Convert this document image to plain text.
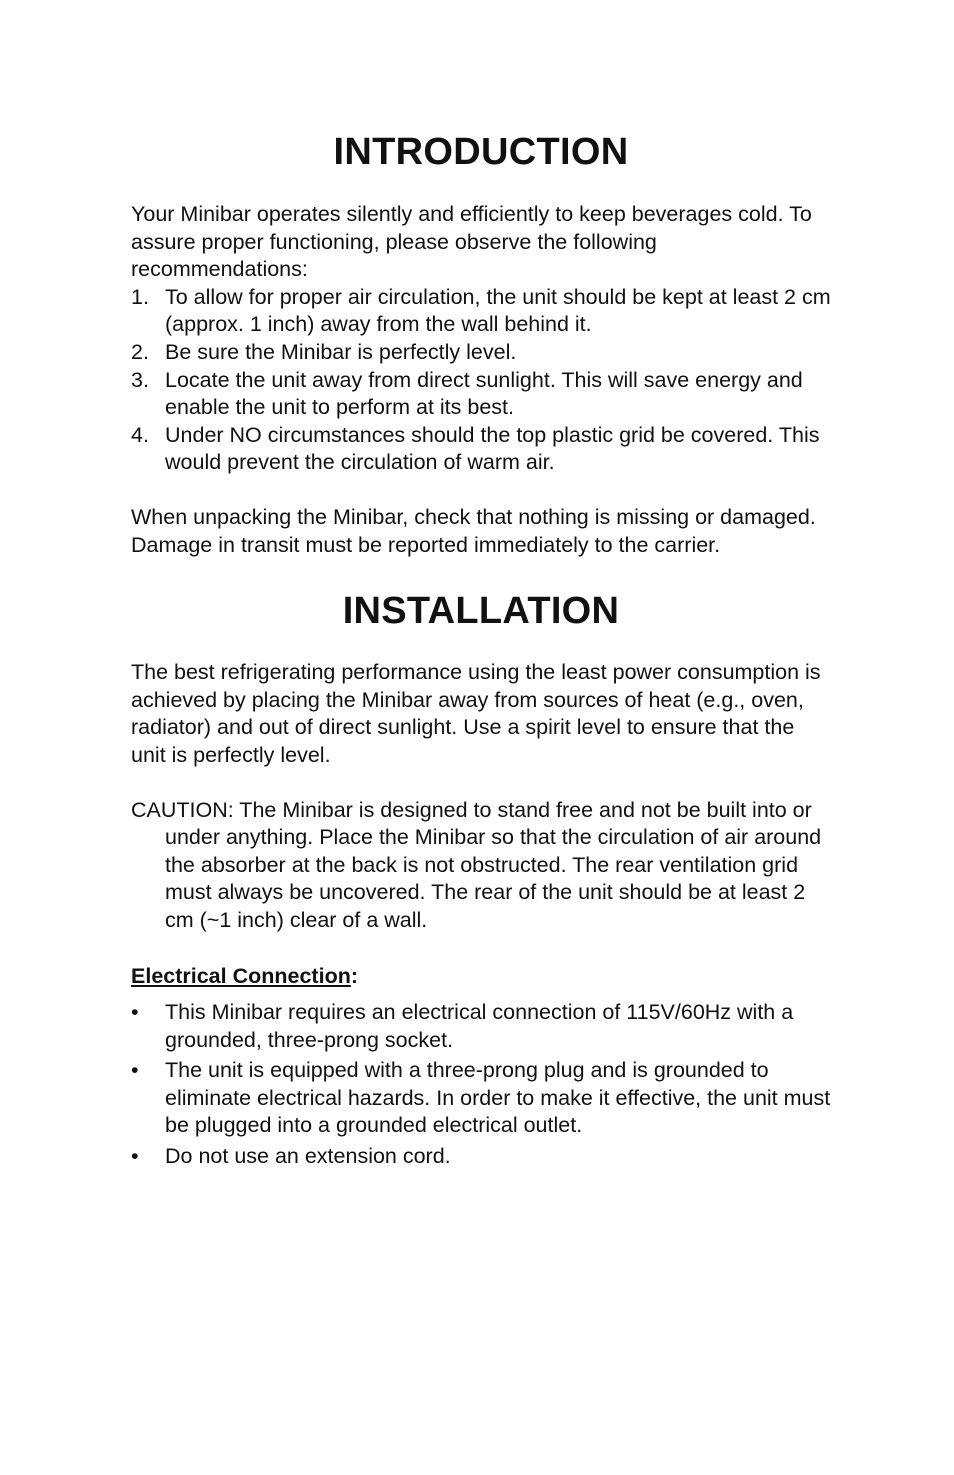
INTRODUCTION

Your Minibar operates silently and efficiently to keep beverages cold. To assure proper functioning, please observe the following recommendations:

1. To allow for proper air circulation, the unit should be kept at least 2 cm (approx. 1 inch) away from the wall behind it.
2. Be sure the Minibar is perfectly level.
3. Locate the unit away from direct sunlight. This will save energy and enable the unit to perform at its best.
4. Under NO circumstances should the top plastic grid be covered. This would prevent the circulation of warm air.

When unpacking the Minibar, check that nothing is missing or damaged. Damage in transit must be reported immediately to the carrier.

INSTALLATION

The best refrigerating performance using the least power consumption is achieved by placing the Minibar away from sources of heat (e.g., oven, radiator) and out of direct sunlight. Use a spirit level to ensure that the unit is perfectly level.

CAUTION: The Minibar is designed to stand free and not be built into or under anything. Place the Minibar so that the circulation of air around the absorber at the back is not obstructed. The rear ventilation grid must always be uncovered. The rear of the unit should be at least 2 cm (~1 inch) clear of a wall.

Electrical Connection:
• This Minibar requires an electrical connection of 115V/60Hz with a grounded, three-prong socket.
• The unit is equipped with a three-prong plug and is grounded to eliminate electrical hazards. In order to make it effective, the unit must be plugged into a grounded electrical outlet.
• Do not use an extension cord.
